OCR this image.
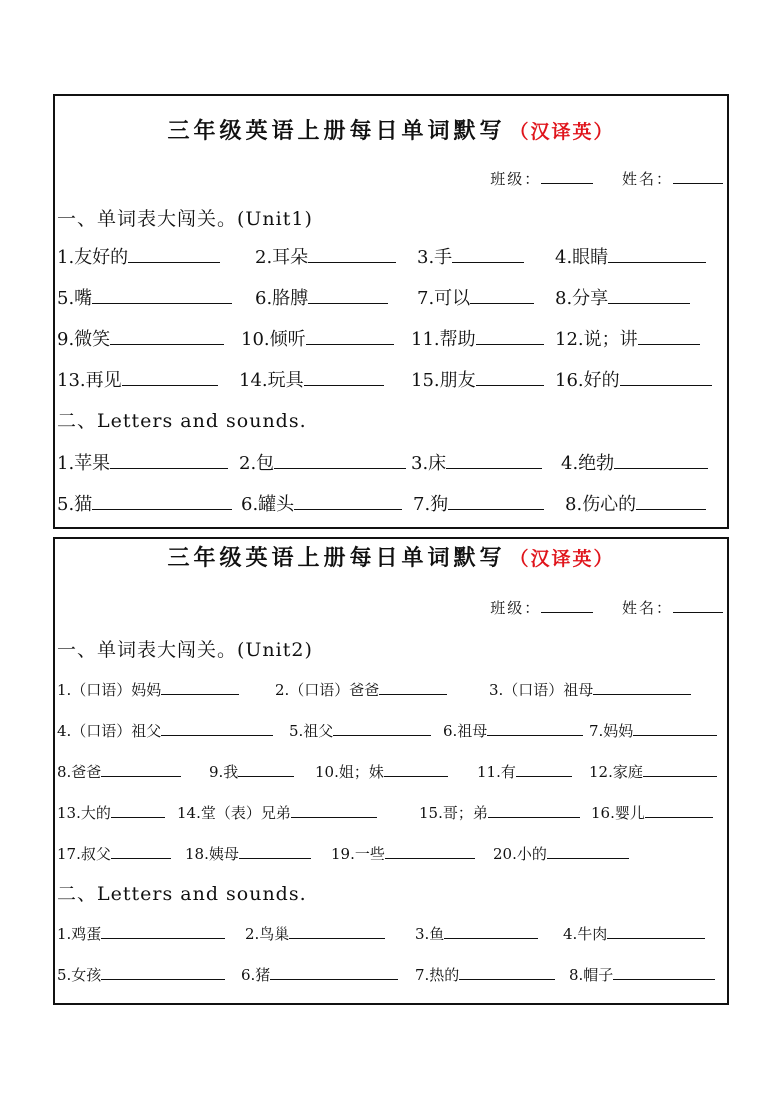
三年级英语上册每日单词默写 （汉译英）
班级：	姓名：
一、单词表大闯关。(Unit1)
1.友好的	2.耳朵	3.手	4.眼睛
5.嘴	6.胳膊	7.可以	8.分享
9.微笑	10.倾听	11.帮助	12.说；讲
13.再见	14.玩具	15.朋友	16.好的
二、Letters and sounds.
1.苹果	2.包	3.床	4.绝勃
5.猫	6.罐头	7.狗	8.伤心的
三年级英语上册每日单词默写 （汉译英）
班级：	姓名：
一、单词表大闯关。(Unit2)
1.（口语）妈妈	2.（口语）爸爸	3.（口语）祖母
4.（口语）祖父	5.祖父	6.祖母	7.妈妈
8.爸爸	9.我	10.姐；妹	11.有	12.家庭
13.大的	14.堂（表）兄弟	15.哥；弟	16.婴儿
17.叔父	18.姨母	19.一些	20.小的
二、Letters and sounds.
1.鸡蛋	2.鸟巢	3.鱼	4.牛肉
5.女孩	6.猪	7.热的	8.帽子
